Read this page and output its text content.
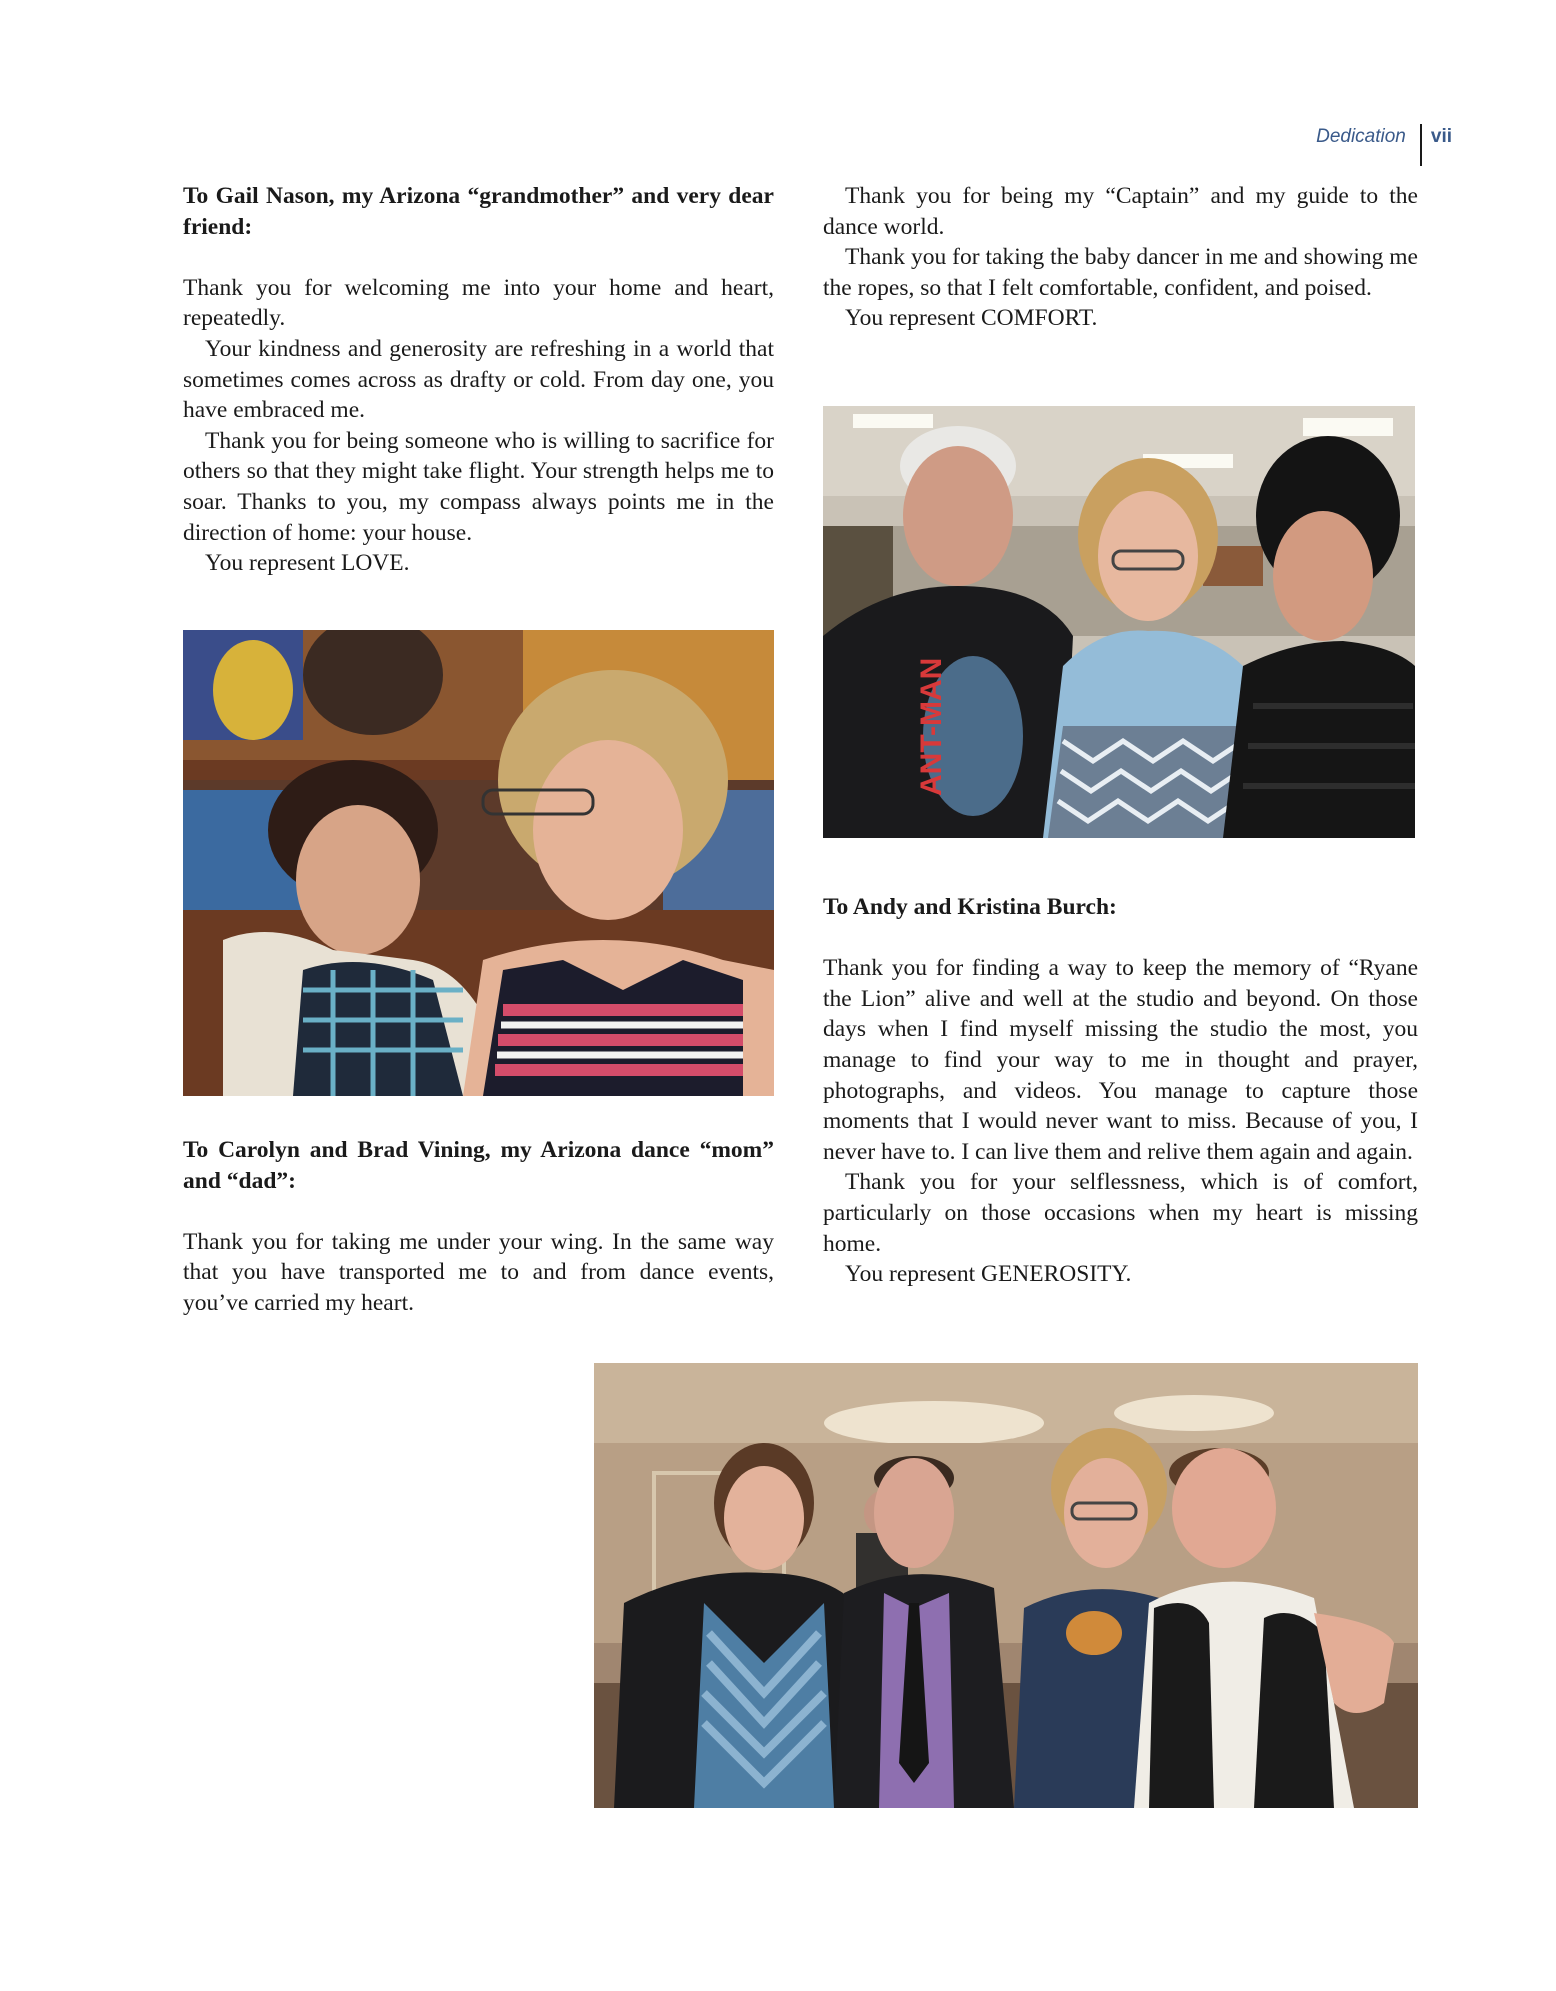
Dedication	vii

To Gail Nason, my Arizona “grandmother” and very dear friend:

Thank you for welcoming me into your home and heart, repeatedly.

Your kindness and generosity are refreshing in a world that sometimes comes across as drafty or cold. From day one, you have embraced me.

Thank you for being someone who is willing to sacrifice for others so that they might take flight. Your strength helps me to soar. Thanks to you, my compass always points me in the direction of home: your house.

You represent LOVE.

To Carolyn and Brad Vining, my Arizona dance “mom” and “dad”:

Thank you for taking me under your wing. In the same way that you have transported me to and from dance events, you’ve carried my heart.

Thank you for being my “Captain” and my guide to the dance world.

Thank you for taking the baby dancer in me and showing me the ropes, so that I felt comfortable, confident, and poised.

You represent COMFORT.

ANT-MAN

To Andy and Kristina Burch:

Thank you for finding a way to keep the memory of “Ryane the Lion” alive and well at the studio and beyond. On those days when I find myself missing the studio the most, you manage to find your way to me in thought and prayer, photographs, and videos. You manage to capture those moments that I would never want to miss. Because of you, I never have to. I can live them and relive them again and again.

Thank you for your selflessness, which is of comfort, particularly on those occasions when my heart is missing home.

You represent GENEROSITY.
